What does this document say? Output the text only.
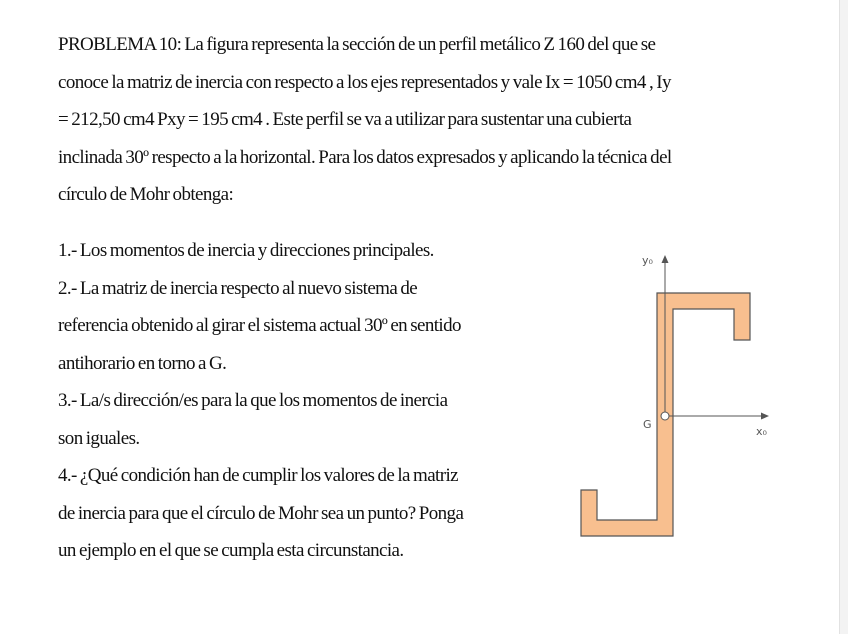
PROBLEMA 10: La figura representa la sección de un perfil metálico Z 160 del que se
conoce la matriz de inercia con respecto a los ejes representados y vale Ix = 1050 cm4 , Iy
= 212,50 cm4 Pxy = 195 cm4 . Este perfil se va a utilizar para sustentar una cubierta
inclinada 30º respecto a la horizontal. Para los datos expresados y aplicando la técnica del
círculo de Mohr obtenga:

1.- Los momentos de inercia y direcciones principales.
2.- La matriz de inercia respecto al nuevo sistema de
referencia obtenido al girar el sistema actual 30º en sentido
antihorario en torno a G.
3.- La/s dirección/es para la que los momentos de inercia
son iguales.
4.- ¿Qué condición han de cumplir los valores de la matriz
de inercia para que el círculo de Mohr sea un punto? Ponga
un ejemplo en el que se cumpla esta circunstancia.

y₀
x₀
G
